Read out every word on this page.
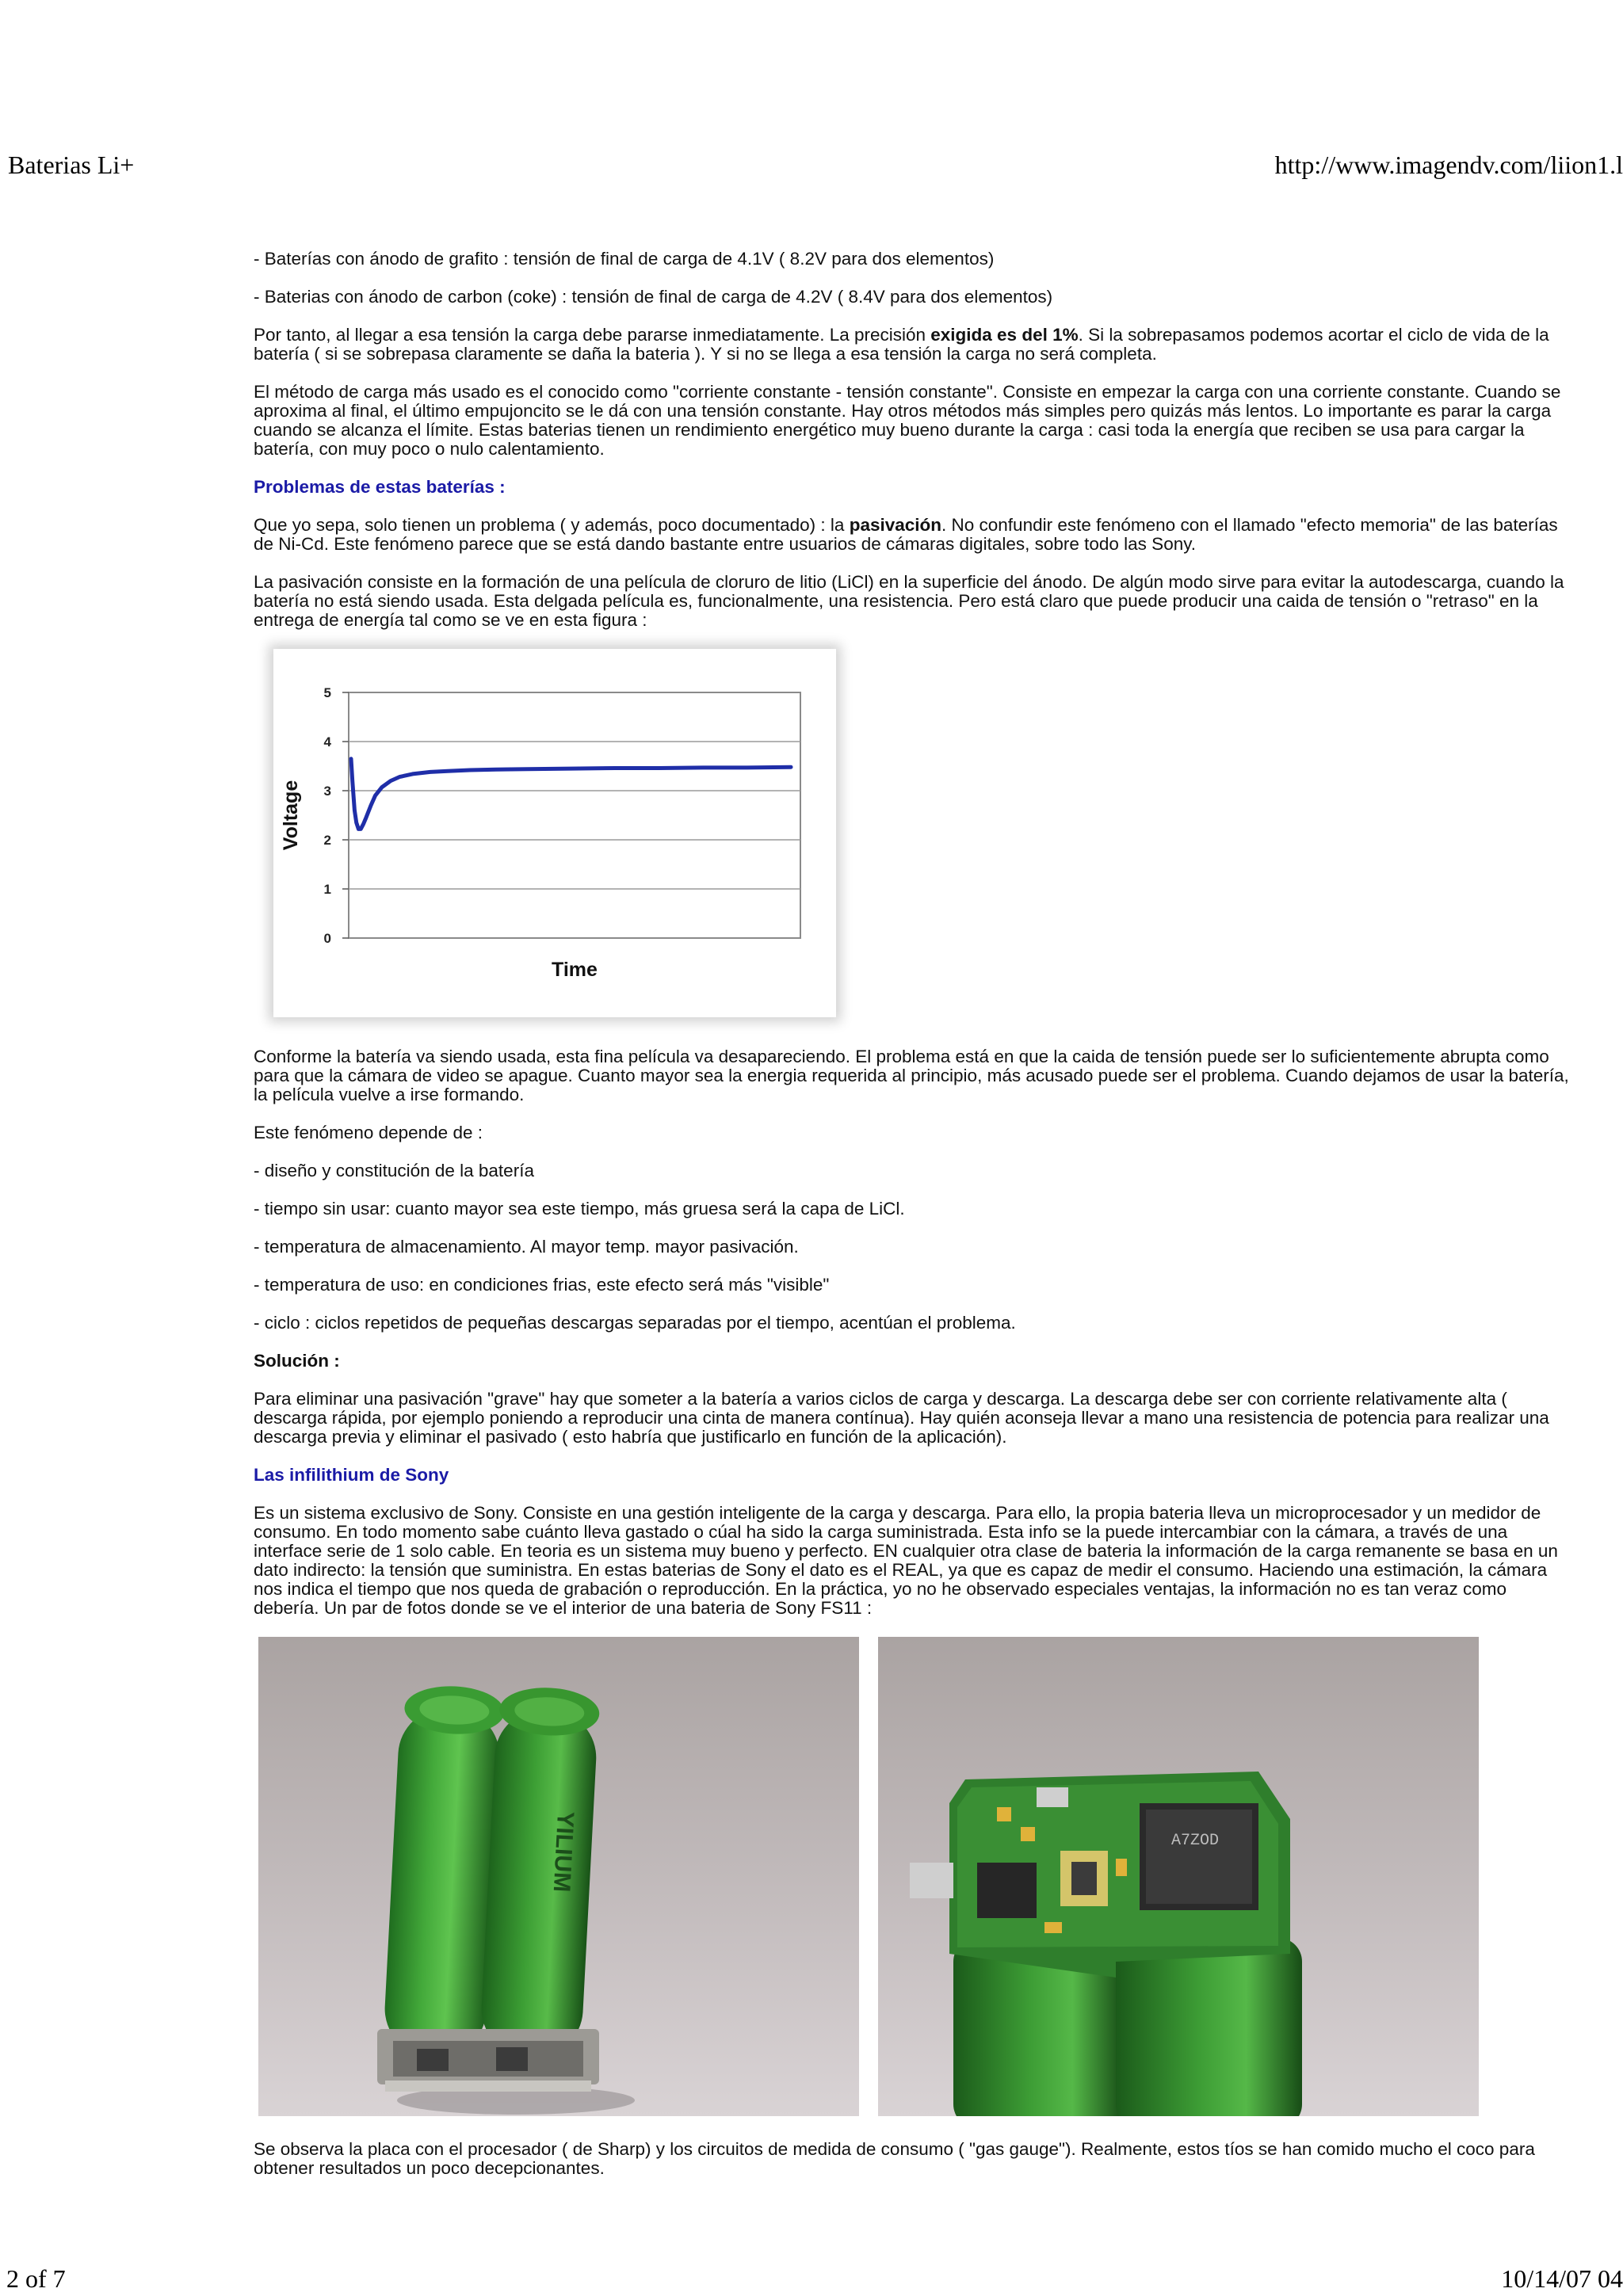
Baterias Li+	http://www.imagendv.com/liion1.l

- Baterías con ánodo de grafito : tensión de final de carga de 4.1V ( 8.2V para dos elementos)

- Baterias con ánodo de carbon (coke) : tensión de final de carga de 4.2V ( 8.4V para dos elementos)

Por tanto, al llegar a esa tensión la carga debe pararse inmediatamente. La precisión exigida es del 1%. Si la sobrepasamos podemos acortar el ciclo de vida de la batería ( si se sobrepasa claramente se daña la bateria ). Y si no se llega a esa tensión la carga no será completa.

El método de carga más usado es el conocido como "corriente constante - tensión constante". Consiste en empezar la carga con una corriente constante. Cuando se aproxima al final, el último empujoncito se le dá con una tensión constante. Hay otros métodos más simples pero quizás más lentos. Lo importante es parar la carga cuando se alcanza el límite. Estas baterias tienen un rendimiento energético muy bueno durante la carga : casi toda la energía que reciben se usa para cargar la batería, con muy poco o nulo calentamiento.

Problemas de estas baterías :

Que yo sepa, solo tienen un problema ( y además, poco documentado) : la pasivación. No confundir este fenómeno con el llamado "efecto memoria" de las baterías de Ni-Cd. Este fenómeno parece que se está dando bastante entre usuarios de cámaras digitales, sobre todo las Sony.

La pasivación consiste en la formación de una película de cloruro de litio (LiCl) en la superficie del ánodo. De algún modo sirve para evitar la autodescarga, cuando la batería no está siendo usada. Esta delgada película es, funcionalmente, una resistencia. Pero está claro que puede producir una caida de tensión o "retraso" en la entrega de energía tal como se ve en esta figura :

0
1
2
3
4
5
Time
Voltage

Conforme la batería va siendo usada, esta fina película va desapareciendo. El problema está en que la caida de tensión puede ser lo suficientemente abrupta como para que la cámara de video se apague. Cuanto mayor sea la energia requerida al principio, más acusado puede ser el problema. Cuando dejamos de usar la batería, la película vuelve a irse formando.

Este fenómeno depende de :

- diseño y constitución de la batería

- tiempo sin usar: cuanto mayor sea este tiempo, más gruesa será la capa de LiCl.

- temperatura de almacenamiento. Al mayor temp. mayor pasivación.

- temperatura de uso: en condiciones frias, este efecto será más "visible"

- ciclo : ciclos repetidos de pequeñas descargas separadas por el tiempo, acentúan el problema.

Solución :

Para eliminar una pasivación "grave" hay que someter a la batería a varios ciclos de carga y descarga. La descarga debe ser con corriente relativamente alta ( descarga rápida, por ejemplo poniendo a reproducir una cinta de manera contínua). Hay quién aconseja llevar a mano una resistencia de potencia para realizar una descarga previa y eliminar el pasivado ( esto habría que justificarlo en función de la aplicación).

Las infilithium de Sony

Es un sistema exclusivo de Sony. Consiste en una gestión inteligente de la carga y descarga. Para ello, la propia bateria lleva un microprocesador y un medidor de consumo. En todo momento sabe cuánto lleva gastado o cúal ha sido la carga suministrada. Esta info se la puede intercambiar con la cámara, a través de una interface serie de 1 solo cable. En teoria es un sistema muy bueno y perfecto. EN cualquier otra clase de bateria la información de la carga remanente se basa en un dato indirecto: la tensión que suministra. En estas baterias de Sony el dato es el REAL, ya que es capaz de medir el consumo. Haciendo una estimación, la cámara nos indica el tiempo que nos queda de grabación o reproducción. En la práctica, yo no he observado especiales ventajas, la información no es tan veraz como debería. Un par de fotos donde se ve el interior de una bateria de Sony FS11 :

YILIUM	A7ZOD

Se observa la placa con el procesador ( de Sharp) y los circuitos de medida de consumo ( "gas gauge"). Realmente, estos tíos se han comido mucho el coco para obtener resultados un poco decepcionantes.

2 of 7	10/14/07 04
